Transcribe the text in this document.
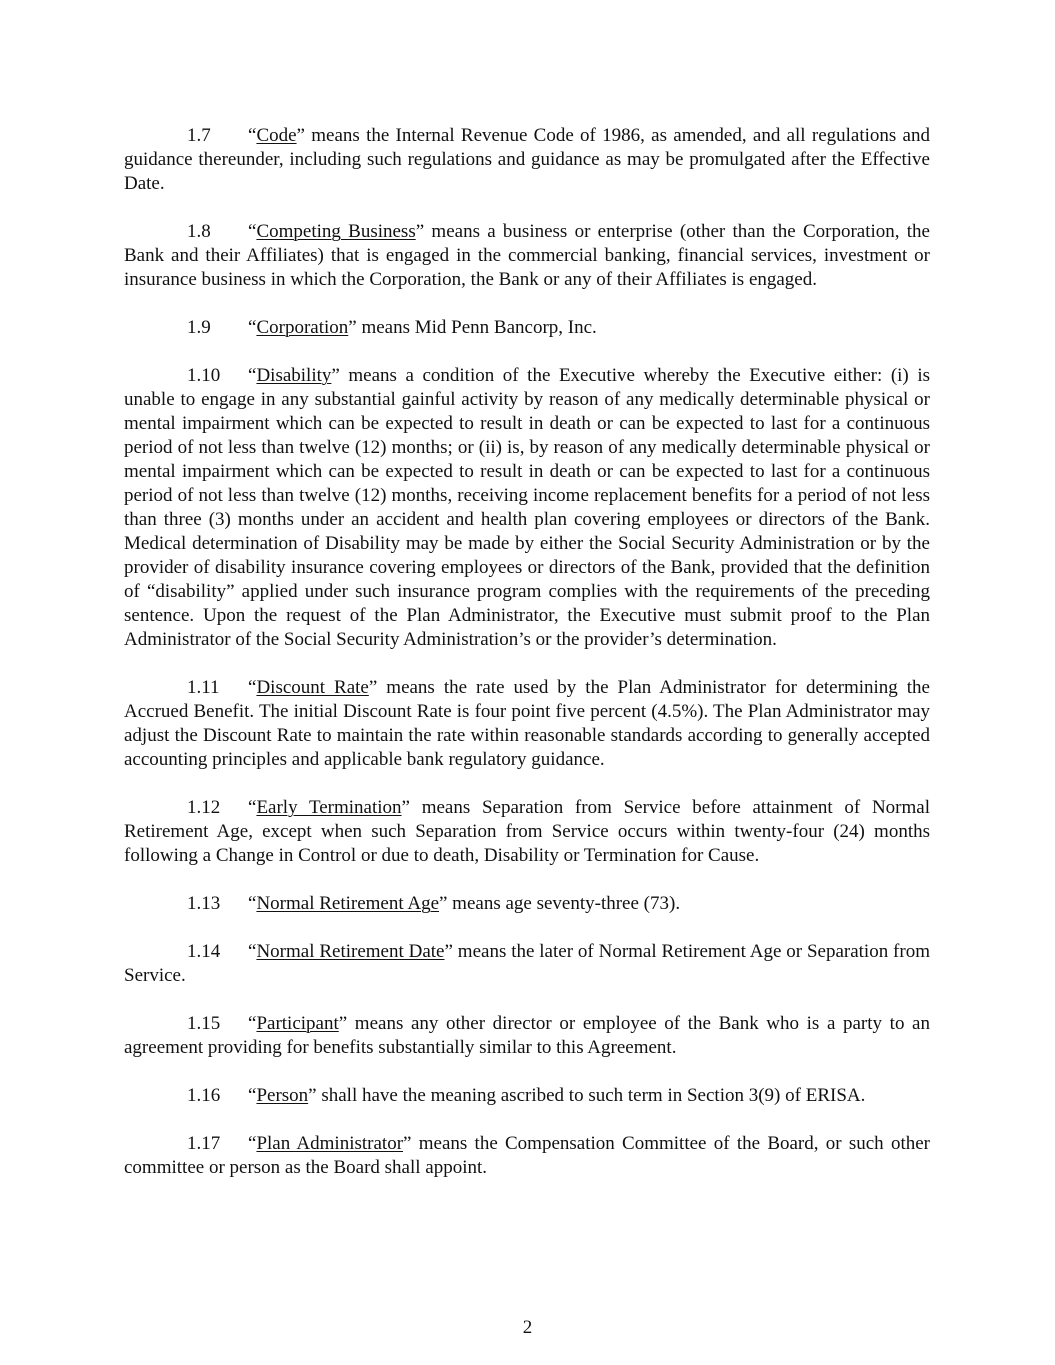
1.7 “Code” means the Internal Revenue Code of 1986, as amended, and all regulations and guidance thereunder, including such regulations and guidance as may be promulgated after the Effective Date.

1.8 “Competing Business” means a business or enterprise (other than the Corporation, the Bank and their Affiliates) that is engaged in the commercial banking, financial services, investment or insurance business in which the Corporation, the Bank or any of their Affiliates is engaged.

1.9 “Corporation” means Mid Penn Bancorp, Inc.

1.10 “Disability” means a condition of the Executive whereby the Executive either: (i) is unable to engage in any substantial gainful activity by reason of any medically determinable physical or mental impairment which can be expected to result in death or can be expected to last for a continuous period of not less than twelve (12) months; or (ii) is, by reason of any medically determinable physical or mental impairment which can be expected to result in death or can be expected to last for a continuous period of not less than twelve (12) months, receiving income replacement benefits for a period of not less than three (3) months under an accident and health plan covering employees or directors of the Bank. Medical determination of Disability may be made by either the Social Security Administration or by the provider of disability insurance covering employees or directors of the Bank, provided that the definition of “disability” applied under such insurance program complies with the requirements of the preceding sentence. Upon the request of the Plan Administrator, the Executive must submit proof to the Plan Administrator of the Social Security Administration’s or the provider’s determination.

1.11 “Discount Rate” means the rate used by the Plan Administrator for determining the Accrued Benefit. The initial Discount Rate is four point five percent (4.5%). The Plan Administrator may adjust the Discount Rate to maintain the rate within reasonable standards according to generally accepted accounting principles and applicable bank regulatory guidance.

1.12 “Early Termination” means Separation from Service before attainment of Normal Retirement Age, except when such Separation from Service occurs within twenty-four (24) months following a Change in Control or due to death, Disability or Termination for Cause.

1.13 “Normal Retirement Age” means age seventy-three (73).

1.14 “Normal Retirement Date” means the later of Normal Retirement Age or Separation from Service.

1.15 “Participant” means any other director or employee of the Bank who is a party to an agreement providing for benefits substantially similar to this Agreement.

1.16 “Person” shall have the meaning ascribed to such term in Section 3(9) of ERISA.

1.17 “Plan Administrator” means the Compensation Committee of the Board, or such other committee or person as the Board shall appoint.

2
